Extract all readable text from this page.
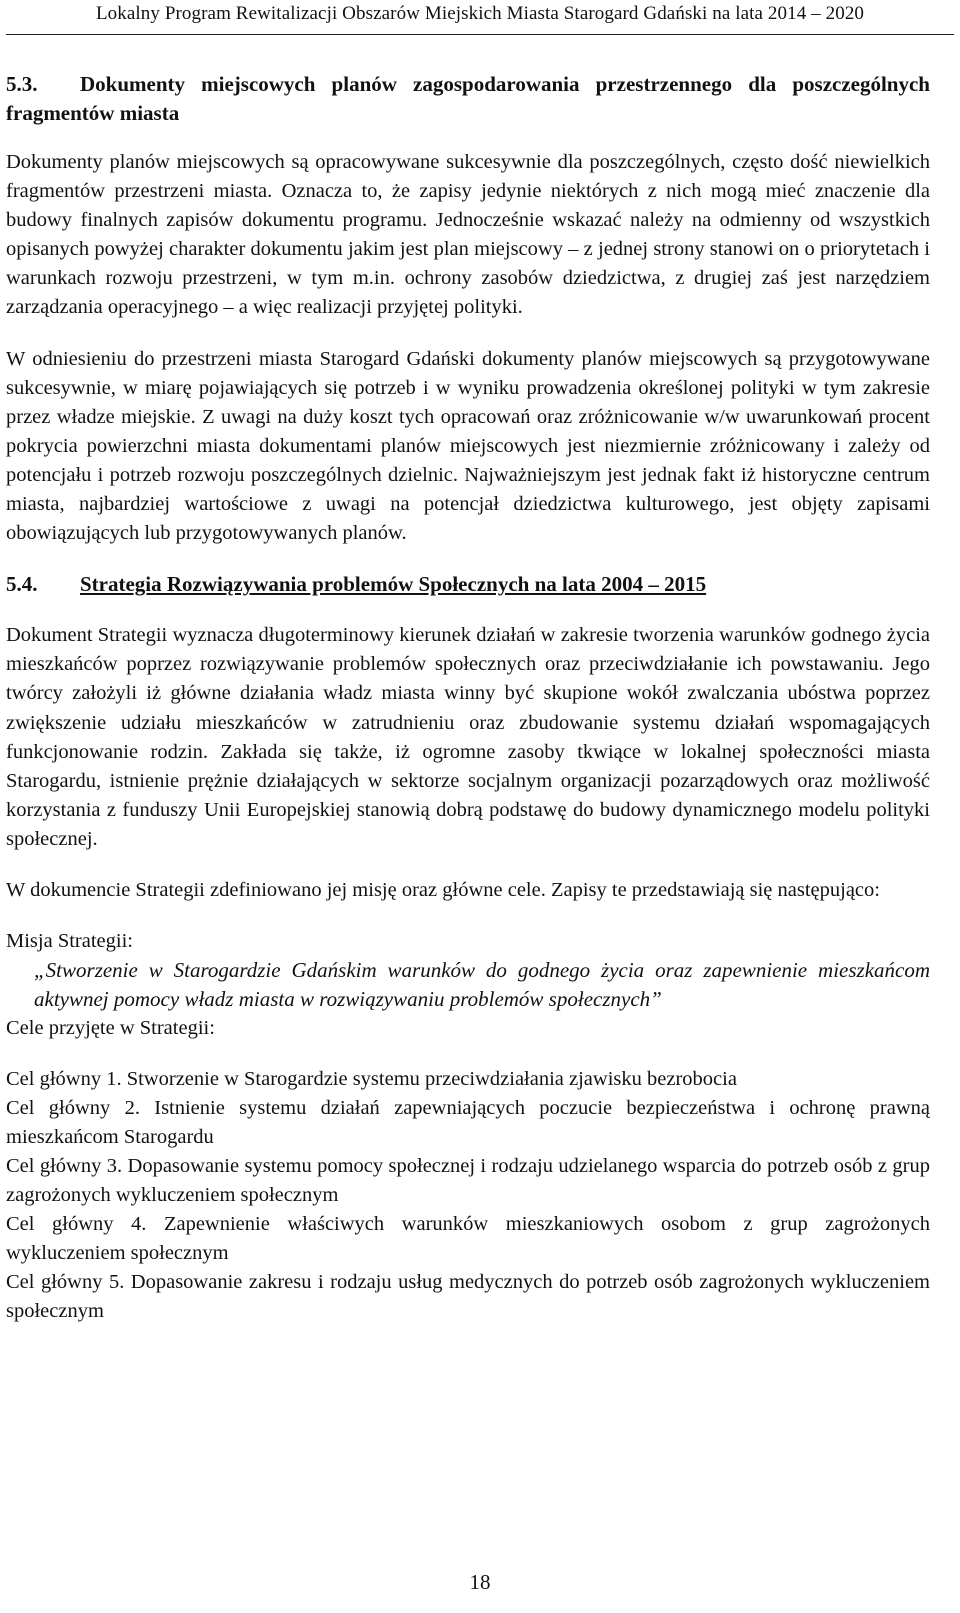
Lokalny Program Rewitalizacji Obszarów Miejskich Miasta Starogard Gdański na lata 2014 – 2020
5.3. Dokumenty miejscowych planów zagospodarowania przestrzennego dla poszczególnych fragmentów miasta

Dokumenty planów miejscowych są opracowywane sukcesywnie dla poszczególnych, często dość niewielkich fragmentów przestrzeni miasta. Oznacza to, że zapisy jedynie niektórych z nich mogą mieć znaczenie dla budowy finalnych zapisów dokumentu programu. Jednocześnie wskazać należy na odmienny od wszystkich opisanych powyżej charakter dokumentu jakim jest plan miejscowy – z jednej strony stanowi on o priorytetach i warunkach rozwoju przestrzeni, w tym m.in. ochrony zasobów dziedzictwa, z drugiej zaś jest narzędziem zarządzania operacyjnego – a więc realizacji przyjętej polityki.

W odniesieniu do przestrzeni miasta Starogard Gdański dokumenty planów miejscowych są przygotowywane sukcesywnie, w miarę pojawiających się potrzeb i w wyniku prowadzenia określonej polityki w tym zakresie przez władze miejskie. Z uwagi na duży koszt tych opracowań oraz zróżnicowanie w/w uwarunkowań procent pokrycia powierzchni miasta dokumentami planów miejscowych jest niezmiernie zróżnicowany i zależy od potencjału i potrzeb rozwoju poszczególnych dzielnic. Najważniejszym jest jednak fakt iż historyczne centrum miasta, najbardziej wartościowe z uwagi na potencjał dziedzictwa kulturowego, jest objęty zapisami obowiązujących lub przygotowywanych planów.

5.4. Strategia Rozwiązywania problemów Społecznych na lata 2004 – 2015

Dokument Strategii wyznacza długoterminowy kierunek działań w zakresie tworzenia warunków godnego życia mieszkańców poprzez rozwiązywanie problemów społecznych oraz przeciwdziałanie ich powstawaniu. Jego twórcy założyli iż główne działania władz miasta winny być skupione wokół zwalczania ubóstwa poprzez zwiększenie udziału mieszkańców w zatrudnieniu oraz zbudowanie systemu działań wspomagających funkcjonowanie rodzin. Zakłada się także, iż ogromne zasoby tkwiące w lokalnej społeczności miasta Starogardu, istnienie prężnie działających w sektorze socjalnym organizacji pozarządowych oraz możliwość korzystania z funduszy Unii Europejskiej stanowią dobrą podstawę do budowy dynamicznego modelu polityki społecznej.

W dokumencie Strategii zdefiniowano jej misję oraz główne cele. Zapisy te przedstawiają się następująco:

Misja Strategii:

„Stworzenie w Starogardzie Gdańskim warunków do godnego życia oraz zapewnienie mieszkańcom aktywnej pomocy władz miasta w rozwiązywaniu problemów społecznych”

Cele przyjęte w Strategii:

Cel główny 1. Stworzenie w Starogardzie systemu przeciwdziałania zjawisku bezrobocia

Cel główny 2. Istnienie systemu działań zapewniających poczucie bezpieczeństwa i ochronę prawną mieszkańcom Starogardu

Cel główny 3. Dopasowanie systemu pomocy społecznej i rodzaju udzielanego wsparcia do potrzeb osób z grup zagrożonych wykluczeniem społecznym

Cel główny 4. Zapewnienie właściwych warunków mieszkaniowych osobom z grup zagrożonych wykluczeniem społecznym

Cel główny 5. Dopasowanie zakresu i rodzaju usług medycznych do potrzeb osób zagrożonych wykluczeniem społecznym

18
